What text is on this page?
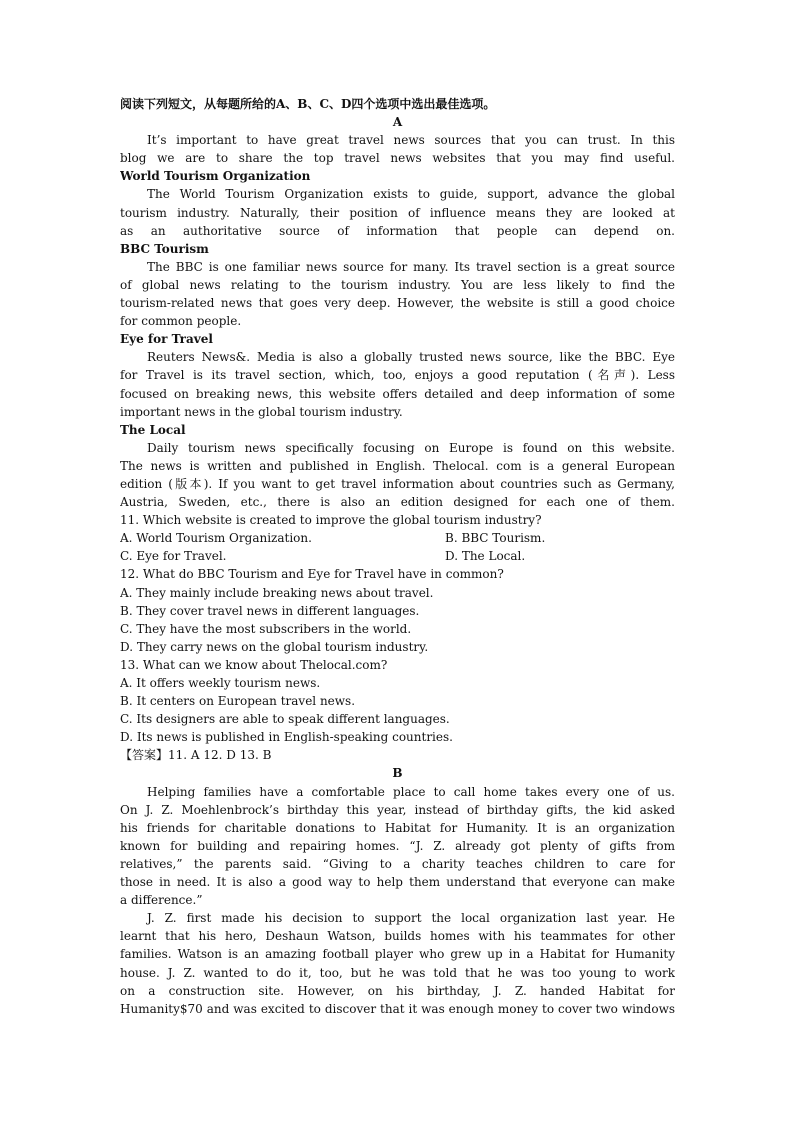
阅读下列短文，从每题所给的A、B、C、D四个选项中选出最佳选项。
A
It’s important to have great travel news sources that you can trust. In this
blog we are to share the top travel news websites that you may find useful.
World Tourism Organization
The World Tourism Organization exists to guide, support, advance the global
tourism industry. Naturally, their position of influence means they are looked at
as an authoritative source of information that people can depend on.
BBC Tourism
The BBC is one familiar news source for many. Its travel section is a great source
of global news relating to the tourism industry. You are less likely to find the
tourism-related news that goes very deep. However, the website is still a good choice
for common people.
Eye for Travel
Reuters News&. Media is also a globally trusted news source, like the BBC. Eye
for Travel is its travel section, which, too, enjoys a good reputation (名声). Less
focused on breaking news, this website offers detailed and deep information of some
important news in the global tourism industry.
The Local
Daily tourism news specifically focusing on Europe is found on this website.
The news is written and published in English. Thelocal. com is a general European
edition (版本). If you want to get travel information about countries such as Germany,
Austria, Sweden, etc., there is also an edition designed for each one of them.
11. Which website is created to improve the global tourism industry?
A. World Tourism Organization.	B. BBC Tourism.
C. Eye for Travel.	D. The Local.
12. What do BBC Tourism and Eye for Travel have in common?
A. They mainly include breaking news about travel.
B. They cover travel news in different languages.
C. They have the most subscribers in the world.
D. They carry news on the global tourism industry.
13. What can we know about Thelocal.com?
A. It offers weekly tourism news.
B. It centers on European travel news.
C. Its designers are able to speak different languages.
D. Its news is published in English-speaking countries.
【答案】11. A 12. D 13. B
B
Helping families have a comfortable place to call home takes every one of us.
On J. Z. Moehlenbrock’s birthday this year, instead of birthday gifts, the kid asked
his friends for charitable donations to Habitat for Humanity. It is an organization
known for building and repairing homes. “J. Z. already got plenty of gifts from
relatives,” the parents said. “Giving to a charity teaches children to care for
those in need. It is also a good way to help them understand that everyone can make
a difference.”
J. Z. first made his decision to support the local organization last year. He
learnt that his hero, Deshaun Watson, builds homes with his teammates for other
families. Watson is an amazing football player who grew up in a Habitat for Humanity
house. J. Z. wanted to do it, too, but he was told that he was too young to work
on a construction site. However, on his birthday, J. Z. handed Habitat for
Humanity$70 and was excited to discover that it was enough money to cover two windows
